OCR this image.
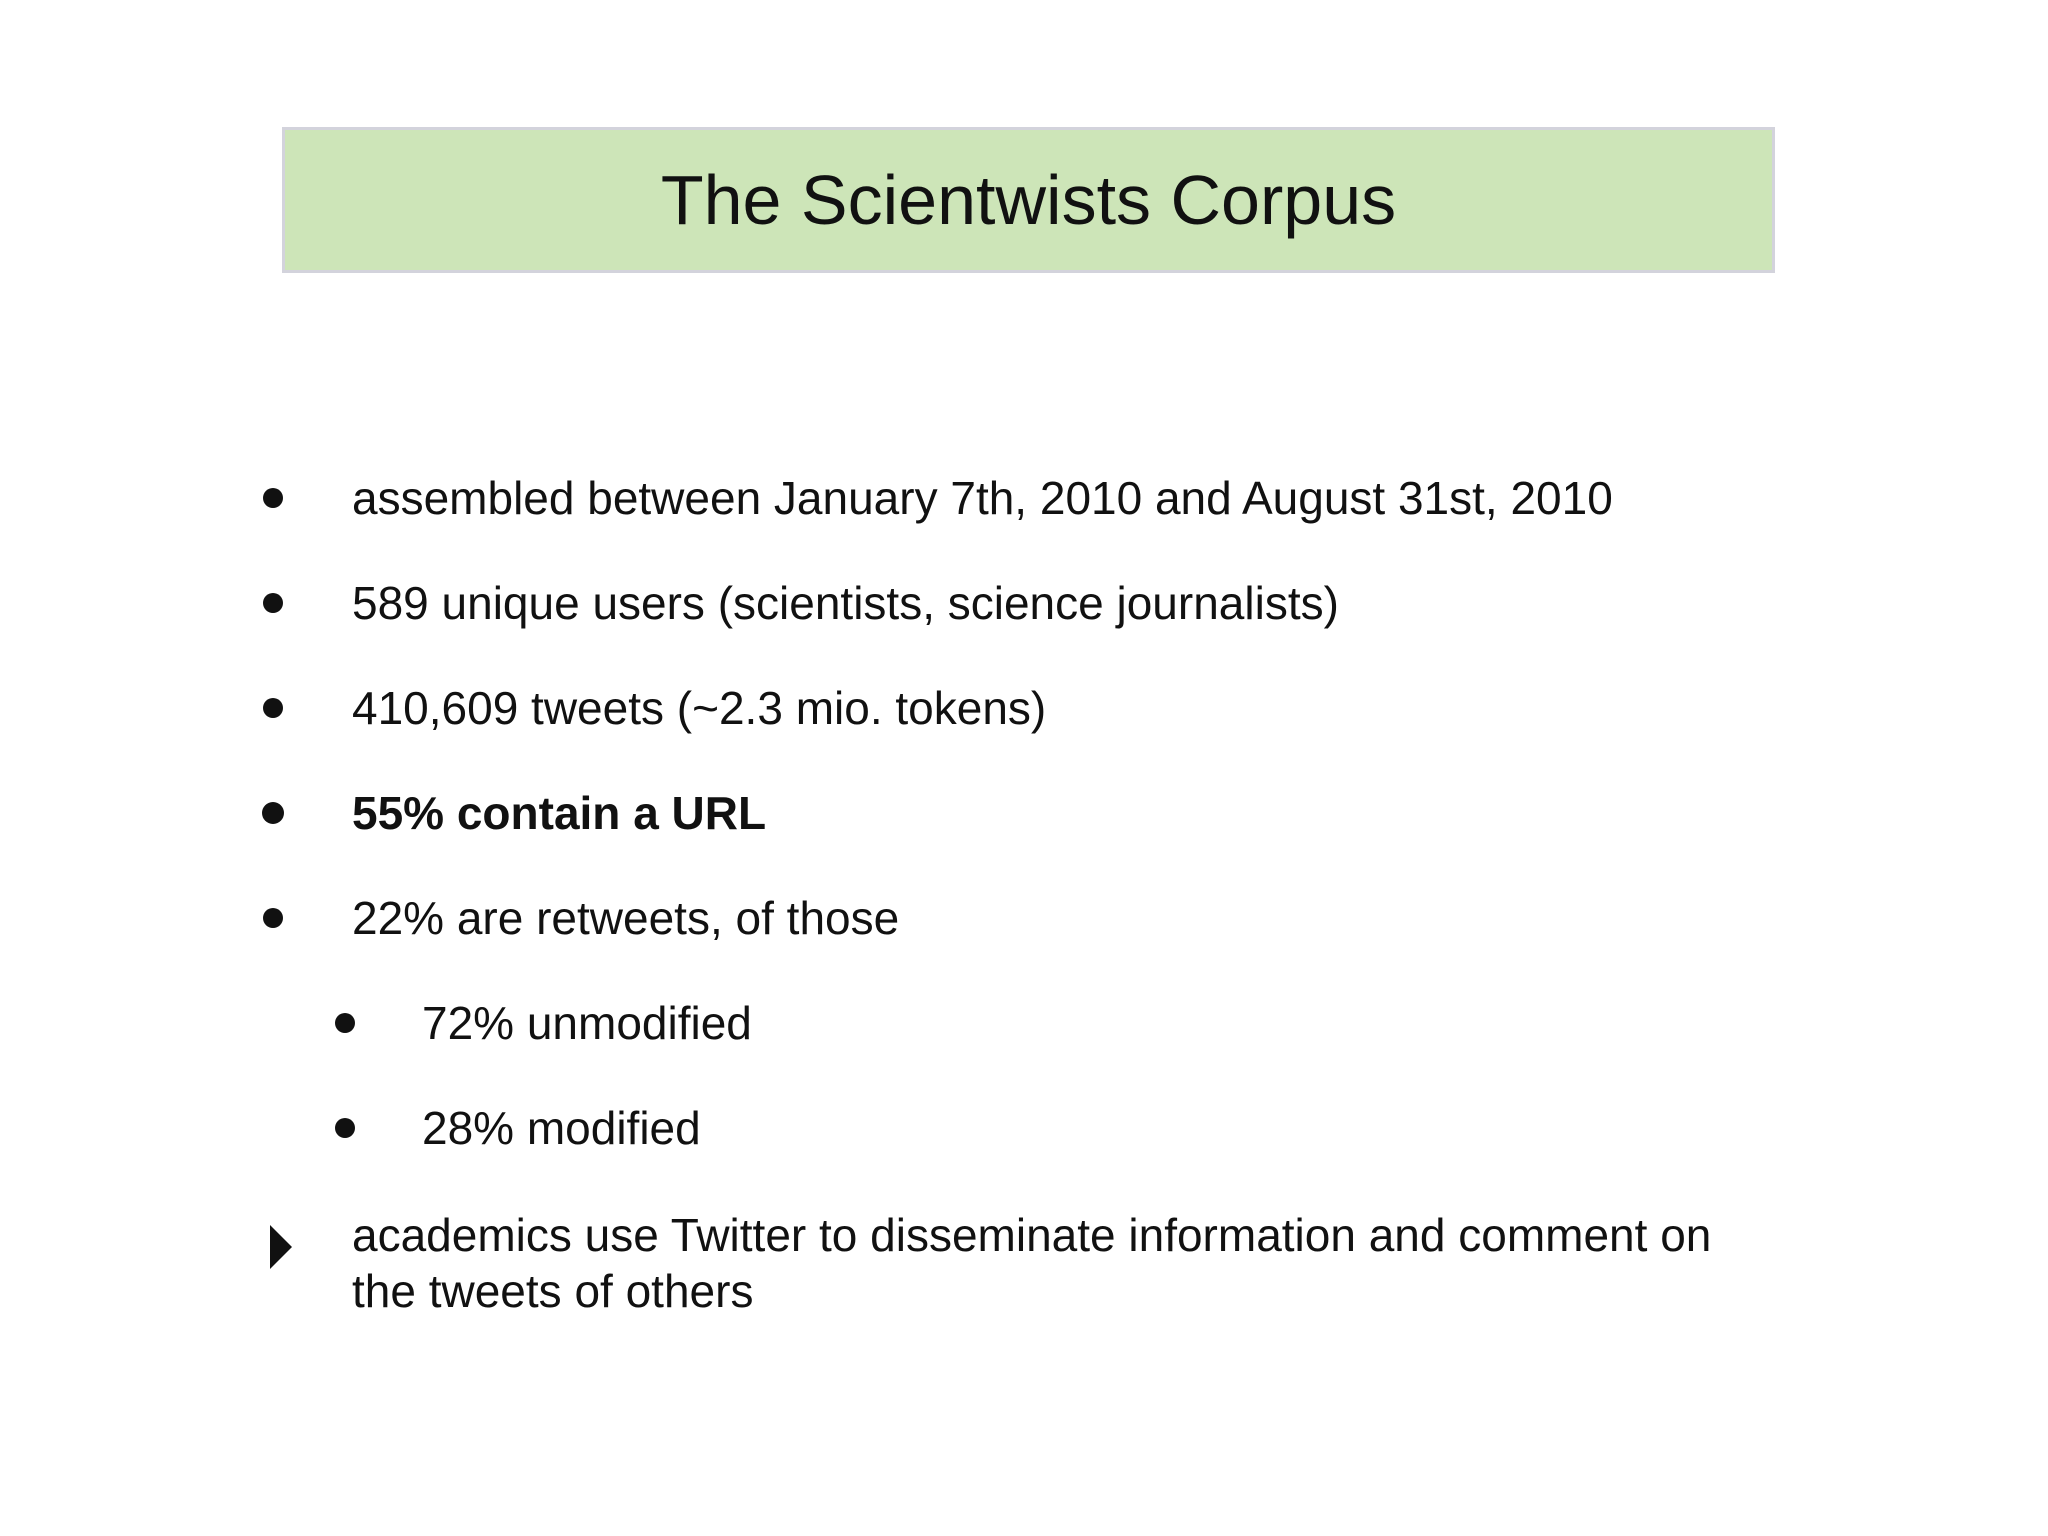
The Scientwists Corpus
assembled between January 7th, 2010 and August 31st, 2010
589 unique users (scientists, science journalists)
410,609 tweets (~2.3 mio. tokens)
55% contain a URL
22% are retweets, of those
72% unmodified
28% modified
academics use Twitter to disseminate information and comment on
the tweets of others
